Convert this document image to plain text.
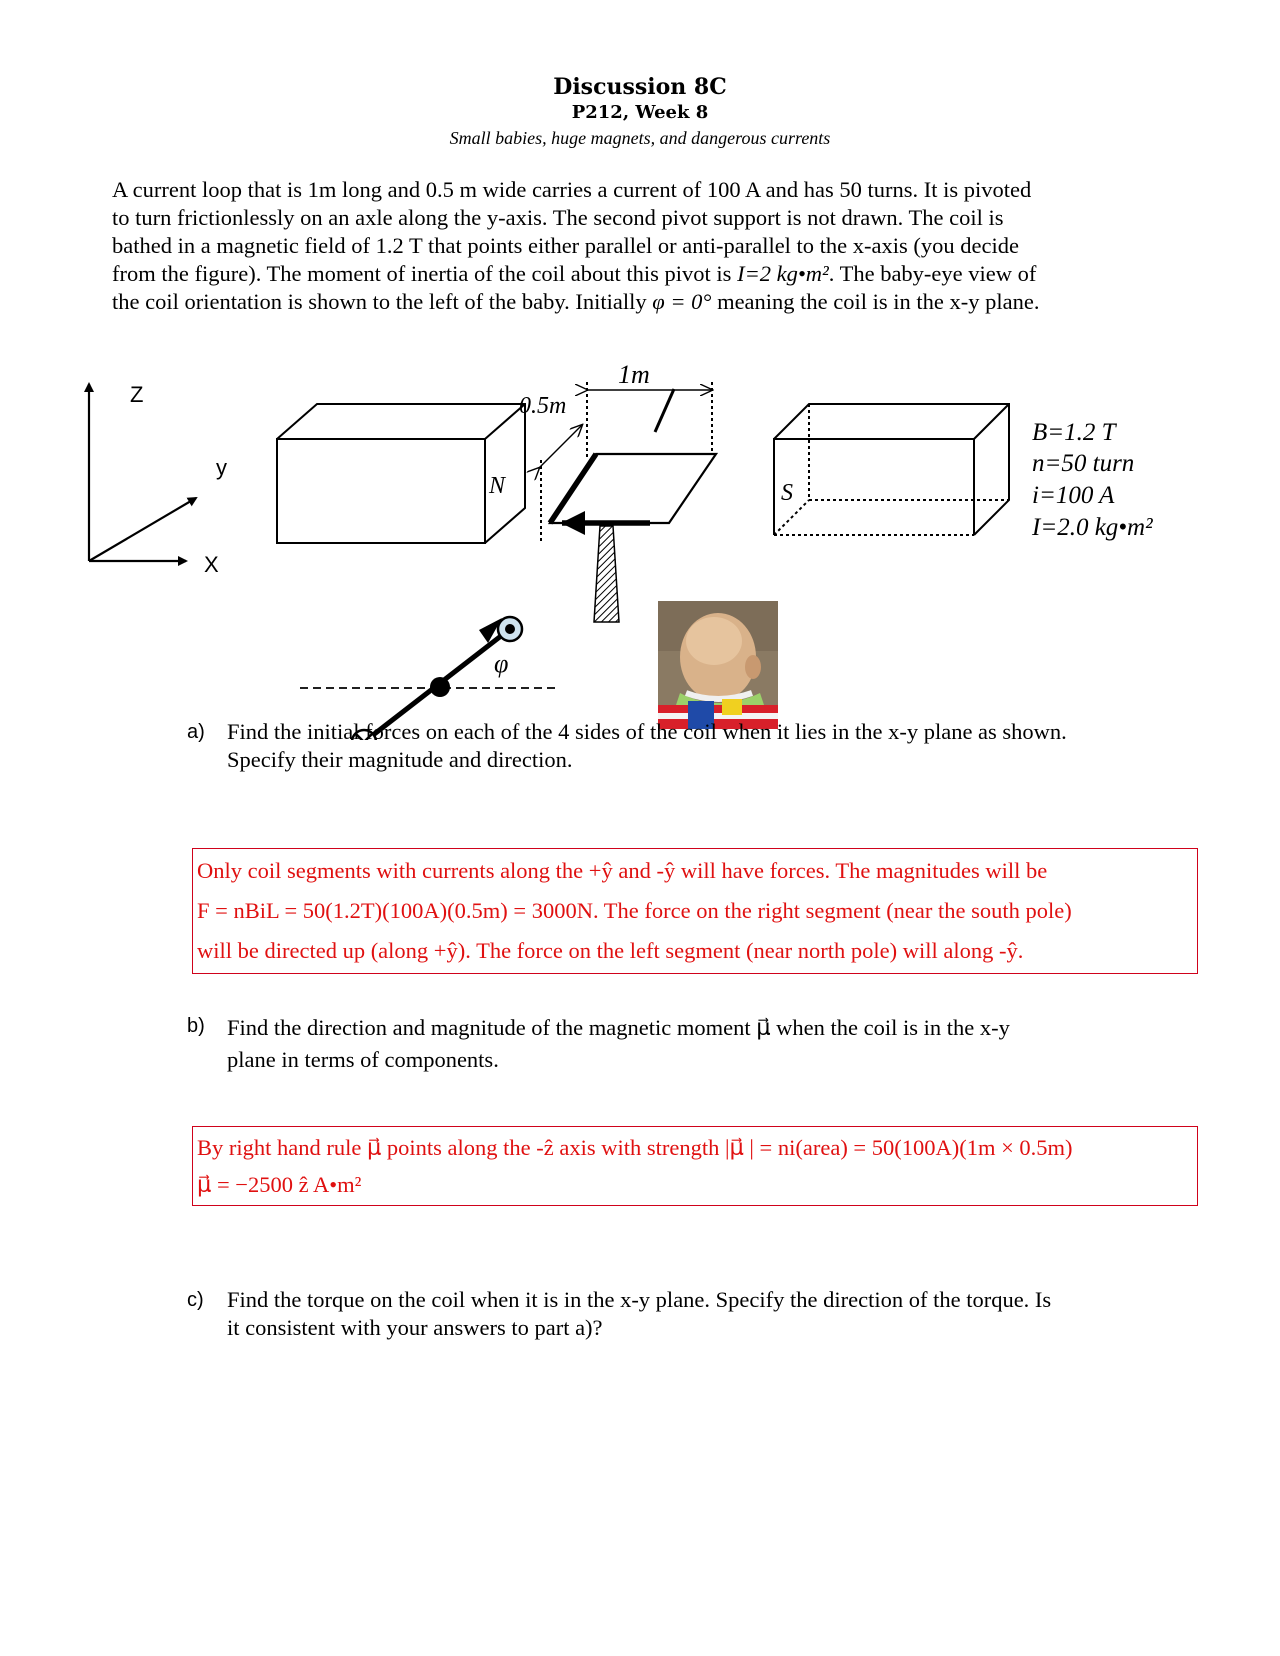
Discussion 8C
P212, Week 8
Small babies, huge magnets, and dangerous currents

A current loop that is 1m long and 0.5 m wide carries a current of 100 A and has 50 turns. It is pivoted

to turn frictionlessly on an axle along the y-axis. The second pivot support is not drawn. The coil is

bathed in a magnetic field of 1.2 T that points either parallel or anti-parallel to the x-axis (you decide

from the figure). The moment of inertia of the coil about this pivot is I=2 kg•m². The baby-eye view of

the coil orientation is shown to the left of the baby. Initially φ = 0° meaning the coil is in the x-y plane.

Z
y
X
N
1m
0.5m
S
B=1.2 T
n=50 turn
i=100 A
I=2.0 kg•m²
φ
a) Find the initial forces on each of the 4 sides of the coil when it lies in the x-y plane as shown.
Specify their magnitude and direction.
Only coil segments with currents along the +ŷ and -ŷ will have forces. The magnitudes will be
F = nBiL = 50(1.2T)(100A)(0.5m) = 3000N. The force on the right segment (near the south pole)
will be directed up (along +ŷ). The force on the left segment (near north pole) will along -ŷ.
b) Find the direction and magnitude of the magnetic moment μ⃗ when the coil is in the x-y
plane in terms of components.
By right hand rule μ⃗ points along the -ẑ axis with strength |μ⃗ | = ni(area) = 50(100A)(1m × 0.5m)
μ⃗ = −2500 ẑ A•m²
c) Find the torque on the coil when it is in the x-y plane. Specify the direction of the torque. Is
it consistent with your answers to part a)?
